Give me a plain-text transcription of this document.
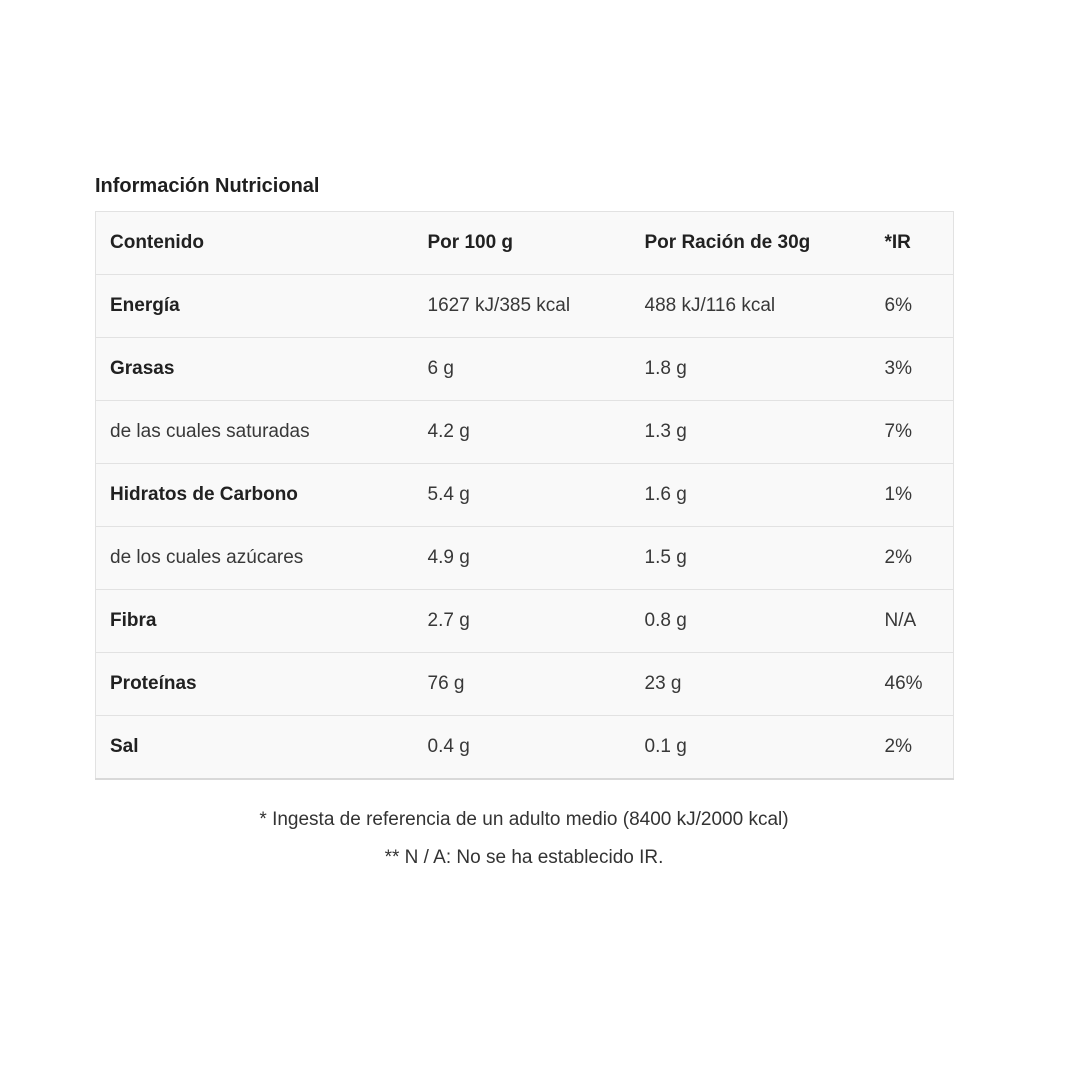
Información Nutricional
Contenido	Por 100 g	Por Ración de 30g	*IR
Energía	1627 kJ/385 kcal	488 kJ/116 kcal	6%
Grasas	6 g	1.8 g	3%
de las cuales saturadas	4.2 g	1.3 g	7%
Hidratos de Carbono	5.4 g	1.6 g	1%
de los cuales azúcares	4.9 g	1.5 g	2%
Fibra	2.7 g	0.8 g	N/A
Proteínas	76 g	23 g	46%
Sal	0.4 g	0.1 g	2%
* Ingesta de referencia de un adulto medio (8400 kJ/2000 kcal)
** N / A: No se ha establecido IR.
